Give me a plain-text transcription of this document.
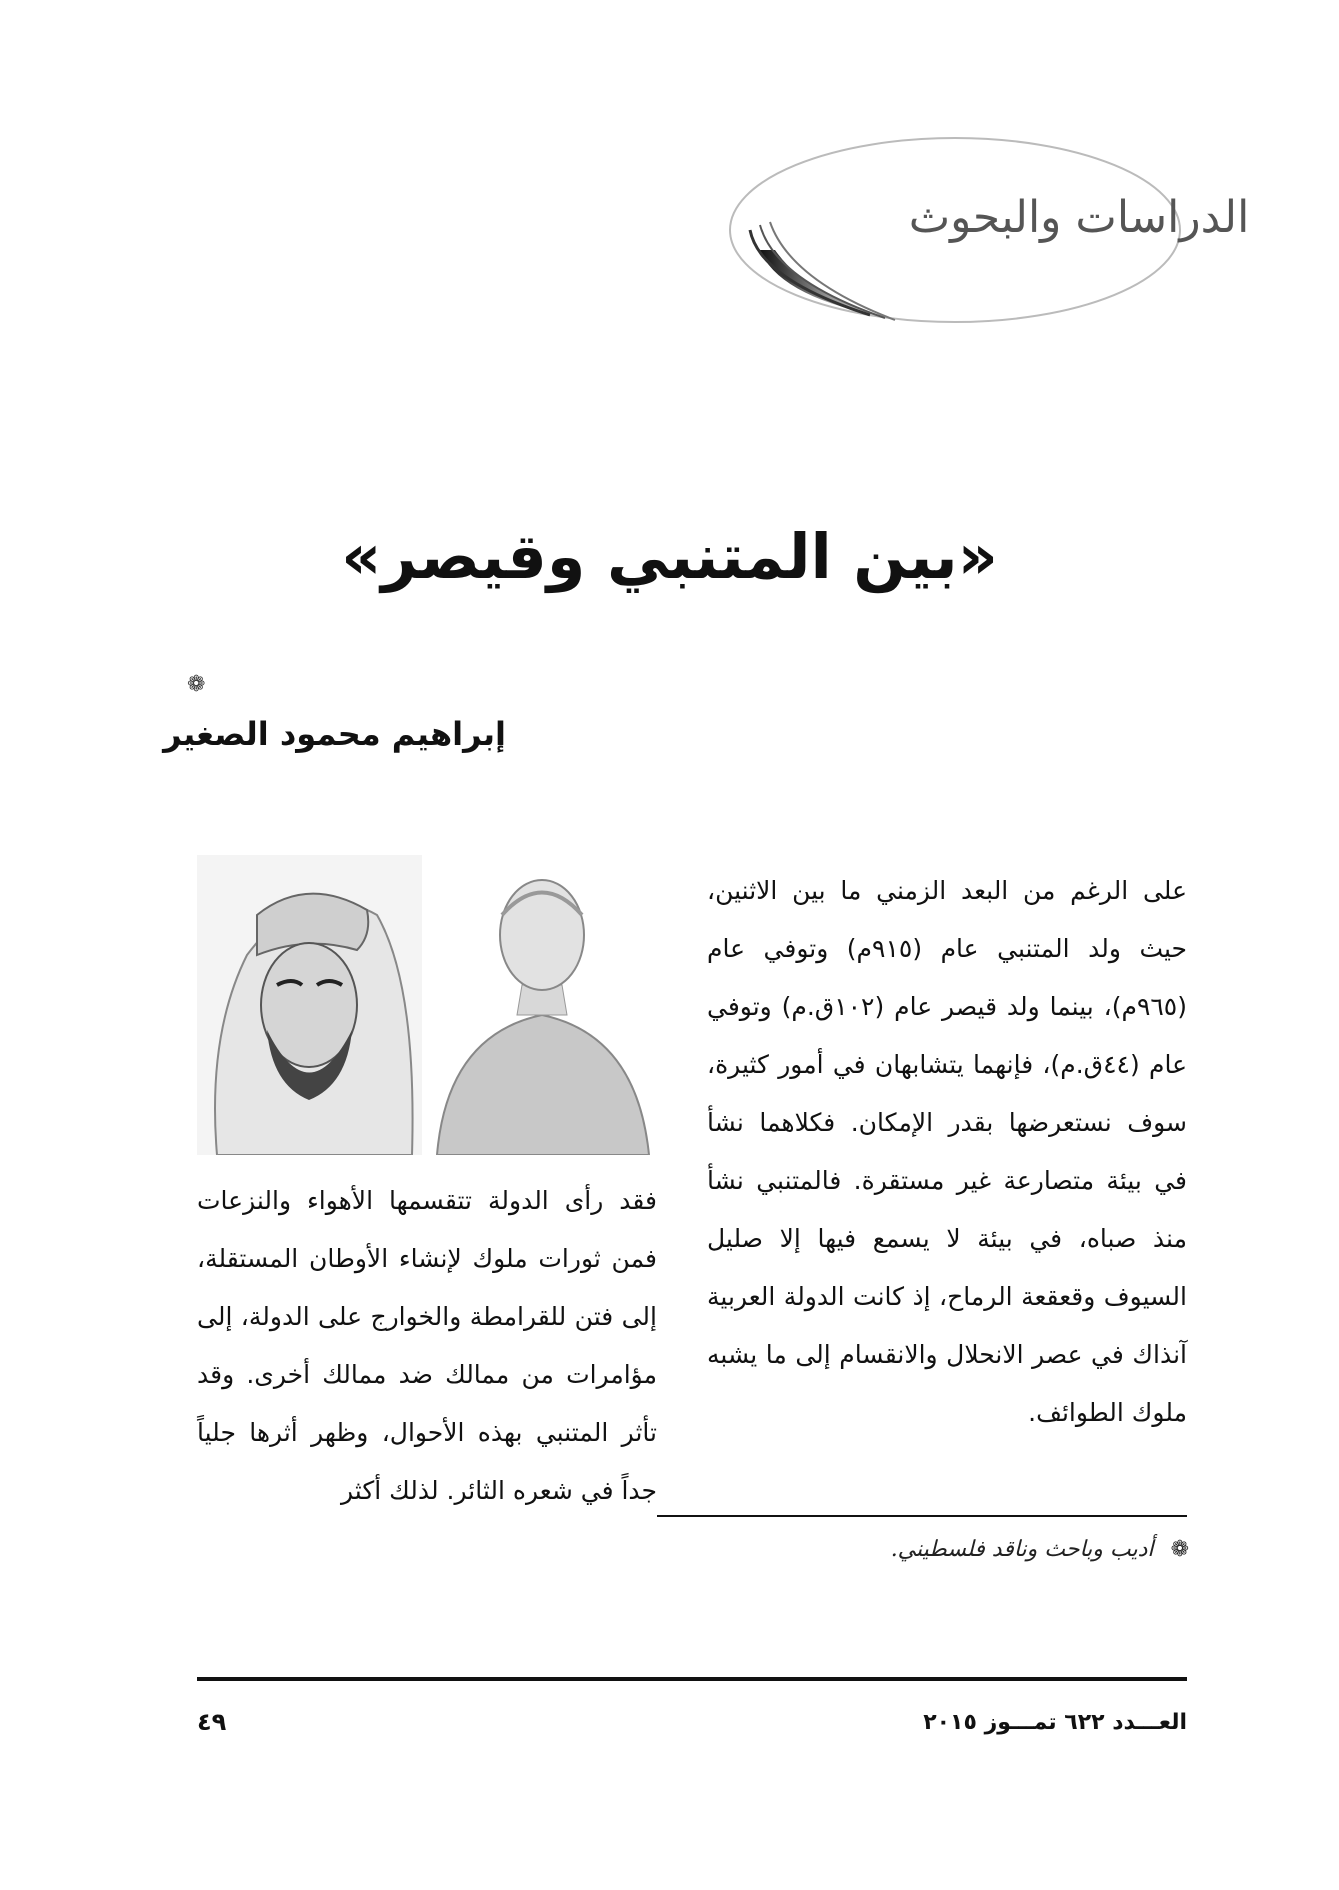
الدراسات والبحوث
«بين المتنبي وقيصر»
❁
إبراهيم محمود الصغير
على الرغم من البعد الزمني ما بين الاثنين، حيث ولد المتنبي عام (٩١٥م) وتوفي عام (٩٦٥م)، بينما ولد قيصر عام (١٠٢ق.م) وتوفي عام (٤٤ق.م)، فإنهما يتشابهان في أمور كثيرة، سوف نستعرضها بقدر الإمكان. فكلاهما نشأ في بيئة متصارعة غير مستقرة. فالمتنبي نشأ منذ صباه، في بيئة لا يسمع فيها إلا صليل السيوف وقعقعة الرماح، إذ كانت الدولة العربية آنذاك في عصر الانحلال والانقسام إلى ما يشبه ملوك الطوائف.
فقد رأى الدولة تتقسمها الأهواء والنزعات فمن ثورات ملوك لإنشاء الأوطان المستقلة، إلى فتن للقرامطة والخوارج على الدولة، إلى مؤامرات من ممالك ضد ممالك أخرى. وقد تأثر المتنبي بهذه الأحوال، وظهر أثرها جلياً جداً في شعره الثائر. لذلك أكثر
❁ أديب وباحث وناقد فلسطيني.
العـــدد ٦٢٢ تمـــوز ٢٠١٥
٤٩
